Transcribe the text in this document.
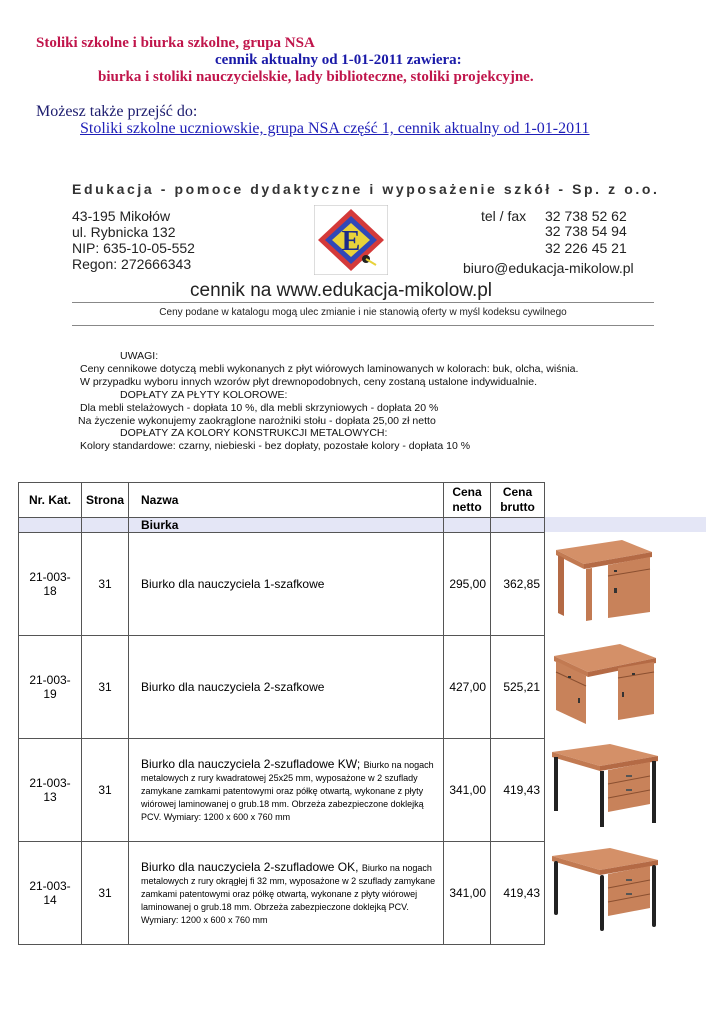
Stoliki szkolne i biurka szkolne, grupa NSA
cennik aktualny od 1-01-2011 zawiera:
biurka i stoliki nauczycielskie, lady biblioteczne, stoliki projekcyjne.
Możesz także przejść do:
Stoliki szkolne uczniowskie, grupa NSA część 1, cennik aktualny od 1-01-2011
Edukacja - pomoce dydaktyczne i wyposażenie szkół - Sp. z o.o.
43-195 Mikołów
ul. Rybnicka 132
NIP: 635-10-05-552
Regon: 272666343
tel / fax 32 738 52 62
32 738 54 94
32 226 45 21
biuro@edukacja-mikolow.pl
E
cennik na www.edukacja-mikolow.pl
Ceny podane w katalogu mogą ulec zmianie i nie stanowią oferty w myśl kodeksu cywilnego
UWAGI:
Ceny cennikowe dotyczą mebli wykonanych z płyt wiórowych laminowanych w kolorach: buk, olcha, wiśnia.
W przypadku wyboru innych wzorów płyt drewnopodobnych, ceny zostaną ustalone indywidualnie.
DOPŁATY ZA PŁYTY KOLOROWE:
Dla mebli stelażowych - dopłata 10 %, dla mebli skrzyniowych - dopłata 20 %
Na życzenie wykonujemy zaokrąglone narożniki stołu - dopłata 25,00 zł netto
DOPŁATY ZA KOLORY KONSTRUKCJI METALOWYCH:
Kolory standardowe: czarny, niebieski - bez dopłaty, pozostałe kolory - dopłata 10 %
Nr. Kat.	Strona	Nazwa	Cena netto	Cena brutto
		Biurka		
21-003-18	31	Biurko dla nauczyciela 1-szafkowe	295,00	362,85
21-003-19	31	Biurko dla nauczyciela 2-szafkowe	427,00	525,21
21-003-13	31	Biurko dla nauczyciela 2-szufladowe KW; Biurko na nogach metalowych z rury kwadratowej 25x25 mm, wyposażone w 2 szuflady zamykane zamkami patentowymi oraz półkę otwartą, wykonane z płyty wiórowej laminowanej o grub.18 mm. Obrzeża zabezpieczone doklejką PCV. Wymiary: 1200 x 600 x 760 mm	341,00	419,43
21-003-14	31	Biurko dla nauczyciela 2-szufladowe OK, Biurko na nogach metalowych z rury okrągłej fi 32 mm, wyposażone w 2 szuflady zamykane zamkami patentowymi oraz półkę otwartą, wykonane z płyty wiórowej laminowanej o grub.18 mm. Obrzeża zabezpieczone doklejką PCV. Wymiary: 1200 x 600 x 760 mm	341,00	419,43
